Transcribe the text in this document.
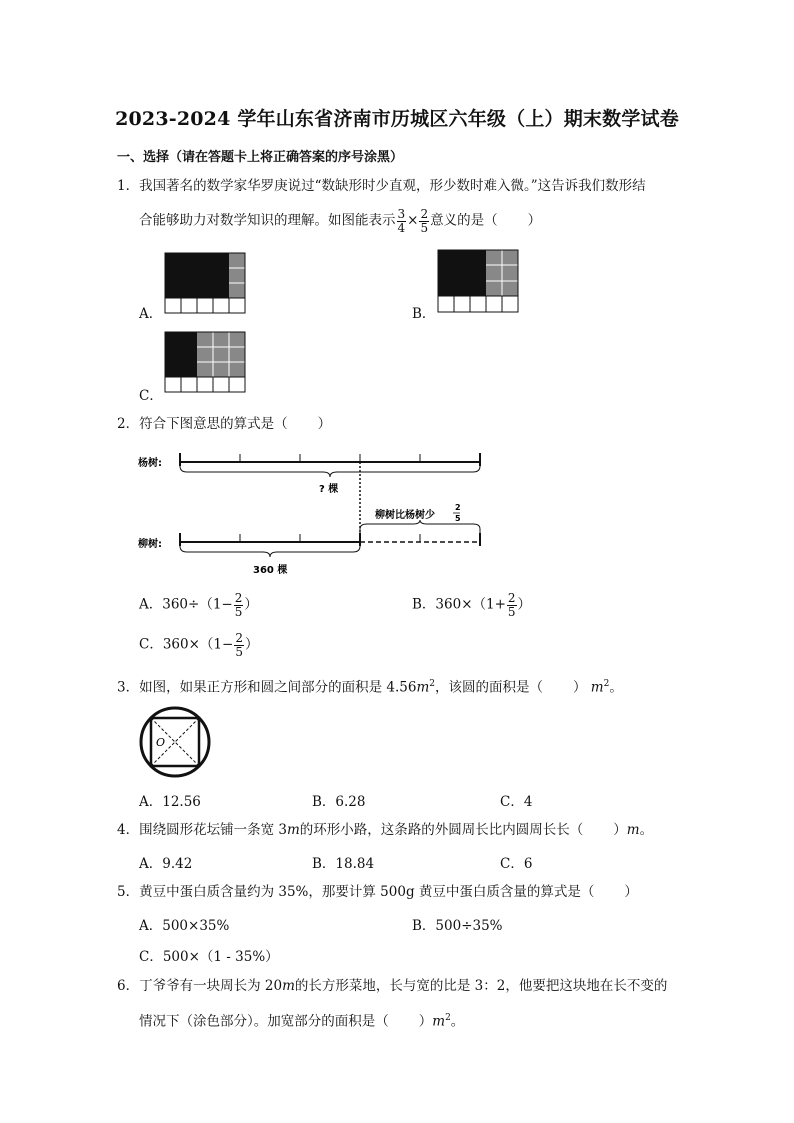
2023-2024 学年山东省济南市历城区六年级（上）期末数学试卷
一、选择（请在答题卡上将正确答案的序号涂黑）
1．我国著名的数学家华罗庚说过“数缺形时少直观，形少数时难入微。”这告诉我们数形结
合能够助力对数学知识的理解。如图能表示 $\frac{3}{4} \times \frac{2}{5}$ 意义的是（ ）
A．	B．
C．
2．符合下图意思的算式是（ ）
杨树:
? 棵
柳树比杨树少
2
5
柳树:
360 棵
A．$360\div(1- \frac{2}{5}$ ）	B．$360\times(1+ \frac{2}{5}$ ）
C．$360\times(1- \frac{2}{5}$ ）
3．如图，如果正方形和圆之间部分的面积是 $4.56m^2$，该圆的面积是（ ） $m^2$。
O
A．12.56	B．6.28	C．4
4．围绕圆形花坛铺一条宽 3m的环形小路，这条路的外圆周长比内圆周长长（ ）m。
A．9.42	B．18.84	C．6
5．黄豆中蛋白质含量约为 35%，那要计算 500g 黄豆中蛋白质含量的算式是（ ）
A．500×35%	B．500÷35%
C．500×（1 - 35%）
6．丁爷爷有一块周长为 20m的长方形菜地，长与宽的比是 3：2，他要把这块地在长不变的
情况下（涂色部分）。加宽部分的面积是（ ）$m^2$。
